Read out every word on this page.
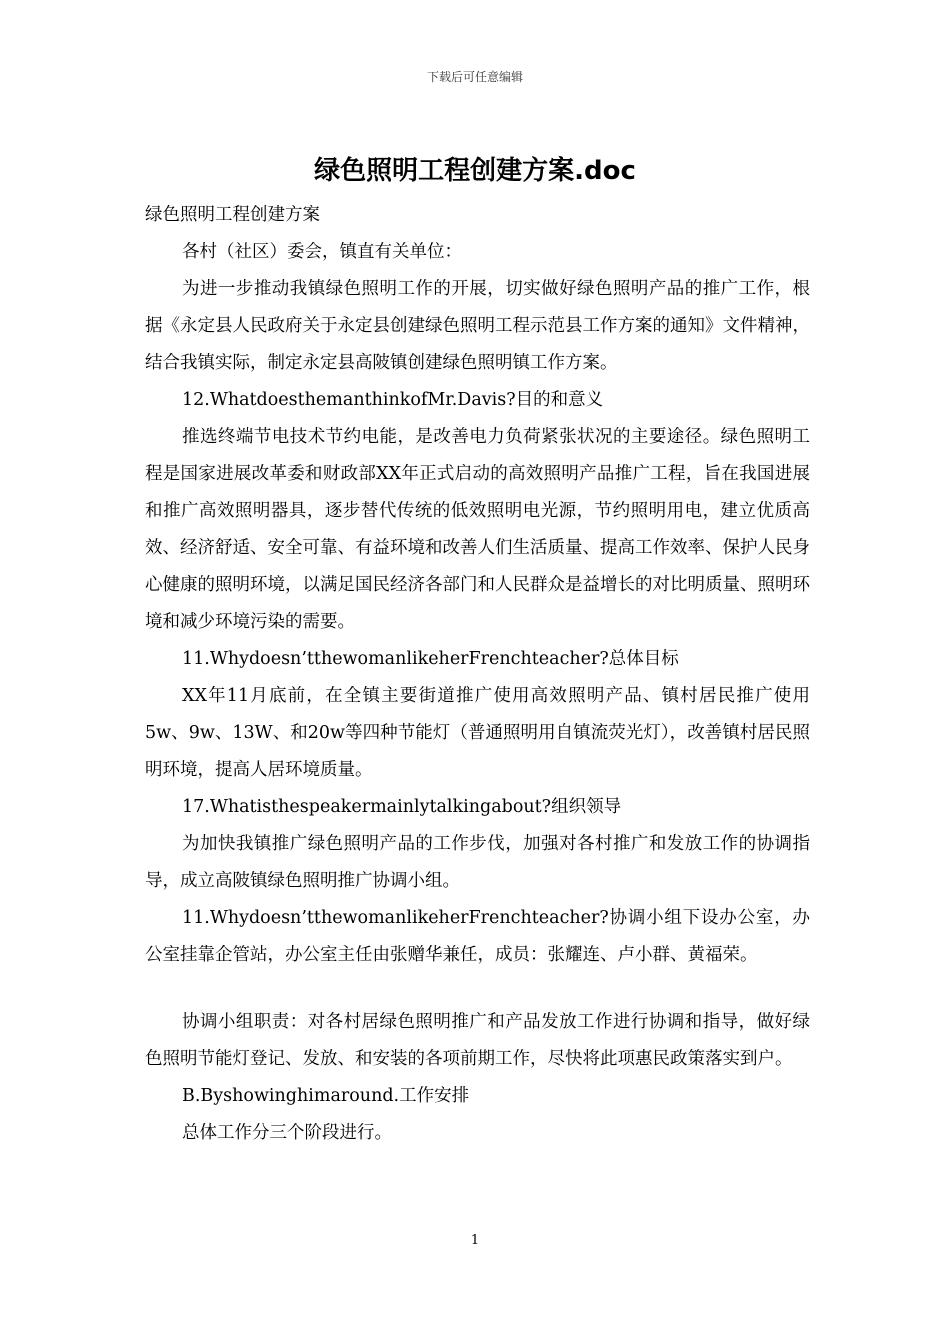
下载后可任意编辑
绿色照明工程创建方案.doc

绿色照明工程创建方案

各村（社区）委会，镇直有关单位：

为进一步推动我镇绿色照明工作的开展，切实做好绿色照明产品的推广工作，根据《永定县人民政府关于永定县创建绿色照明工程示范县工作方案的通知》文件精神，结合我镇实际，制定永定县高陂镇创建绿色照明镇工作方案。

12.WhatdoesthemanthinkofMr.Davis?目的和意义

推选终端节电技术节约电能，是改善电力负荷紧张状况的主要途径。绿色照明工程是国家进展改革委和财政部XX年正式启动的高效照明产品推广工程，旨在我国进展和推广高效照明器具，逐步替代传统的低效照明电光源，节约照明用电，建立优质高效、经济舒适、安全可靠、有益环境和改善人们生活质量、提高工作效率、保护人民身心健康的照明环境，以满足国民经济各部门和人民群众是益增长的对比明质量、照明环境和减少环境污染的需要。

11.Whydoesn’tthewomanlikeherFrenchteacher?总体目标

XX年11月底前，在全镇主要街道推广使用高效照明产品、镇村居民推广使用5w、9w、13W、和20w等四种节能灯（普通照明用自镇流荧光灯），改善镇村居民照明环境，提高人居环境质量。

17.Whatisthespeakermainlytalkingabout?组织领导

为加快我镇推广绿色照明产品的工作步伐，加强对各村推广和发放工作的协调指导，成立高陂镇绿色照明推广协调小组。

11.Whydoesn’tthewomanlikeherFrenchteacher?协调小组下设办公室，办公室挂靠企管站，办公室主任由张赠华兼任，成员：张耀连、卢小群、黄福荣。

协调小组职责：对各村居绿色照明推广和产品发放工作进行协调和指导，做好绿色照明节能灯登记、发放、和安装的各项前期工作，尽快将此项惠民政策落实到户。

B.Byshowinghimaround.工作安排

总体工作分三个阶段进行。

1
